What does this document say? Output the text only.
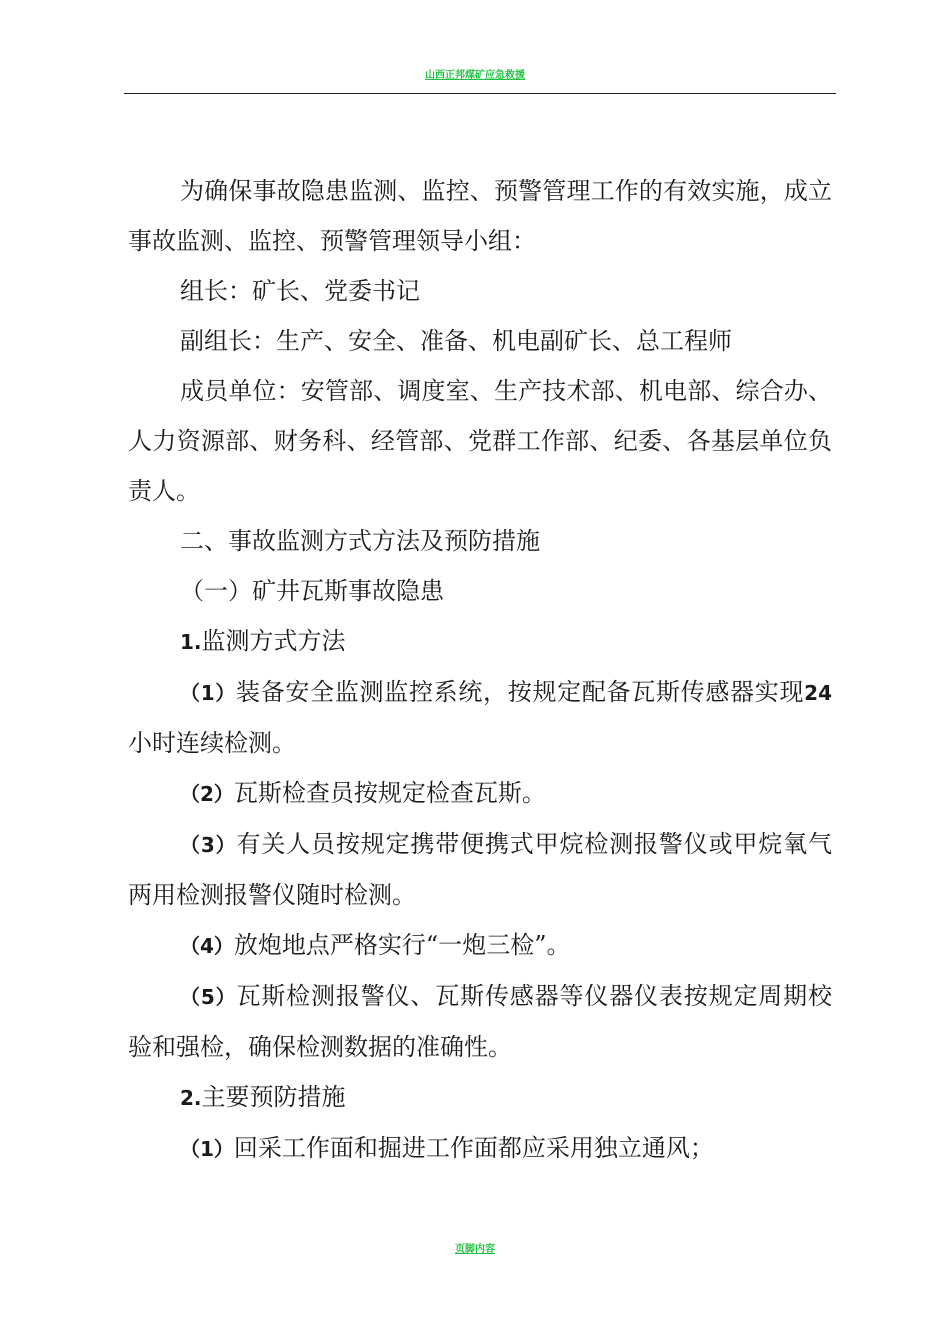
山西正邦煤矿应急救援

为确保事故隐患监测、监控、预警管理工作的有效实施，成立事故监测、监控、预警管理领导小组：

组长：矿长、党委书记

副组长：生产、安全、准备、机电副矿长、总工程师

成员单位：安管部、调度室、生产技术部、机电部、综合办、人力资源部、财务科、经管部、党群工作部、纪委、各基层单位负责人。

二、事故监测方式方法及预防措施

（一）矿井瓦斯事故隐患

1.监测方式方法

（1）装备安全监测监控系统，按规定配备瓦斯传感器实现24 小时连续检测。

（2）瓦斯检查员按规定检查瓦斯。

（3）有关人员按规定携带便携式甲烷检测报警仪或甲烷氧气两用检测报警仪随时检测。

（4）放炮地点严格实行“一炮三检”。

（5）瓦斯检测报警仪、瓦斯传感器等仪器仪表按规定周期校验和强检，确保检测数据的准确性。

2.主要预防措施

（1）回采工作面和掘进工作面都应采用独立通风；

页脚内容
